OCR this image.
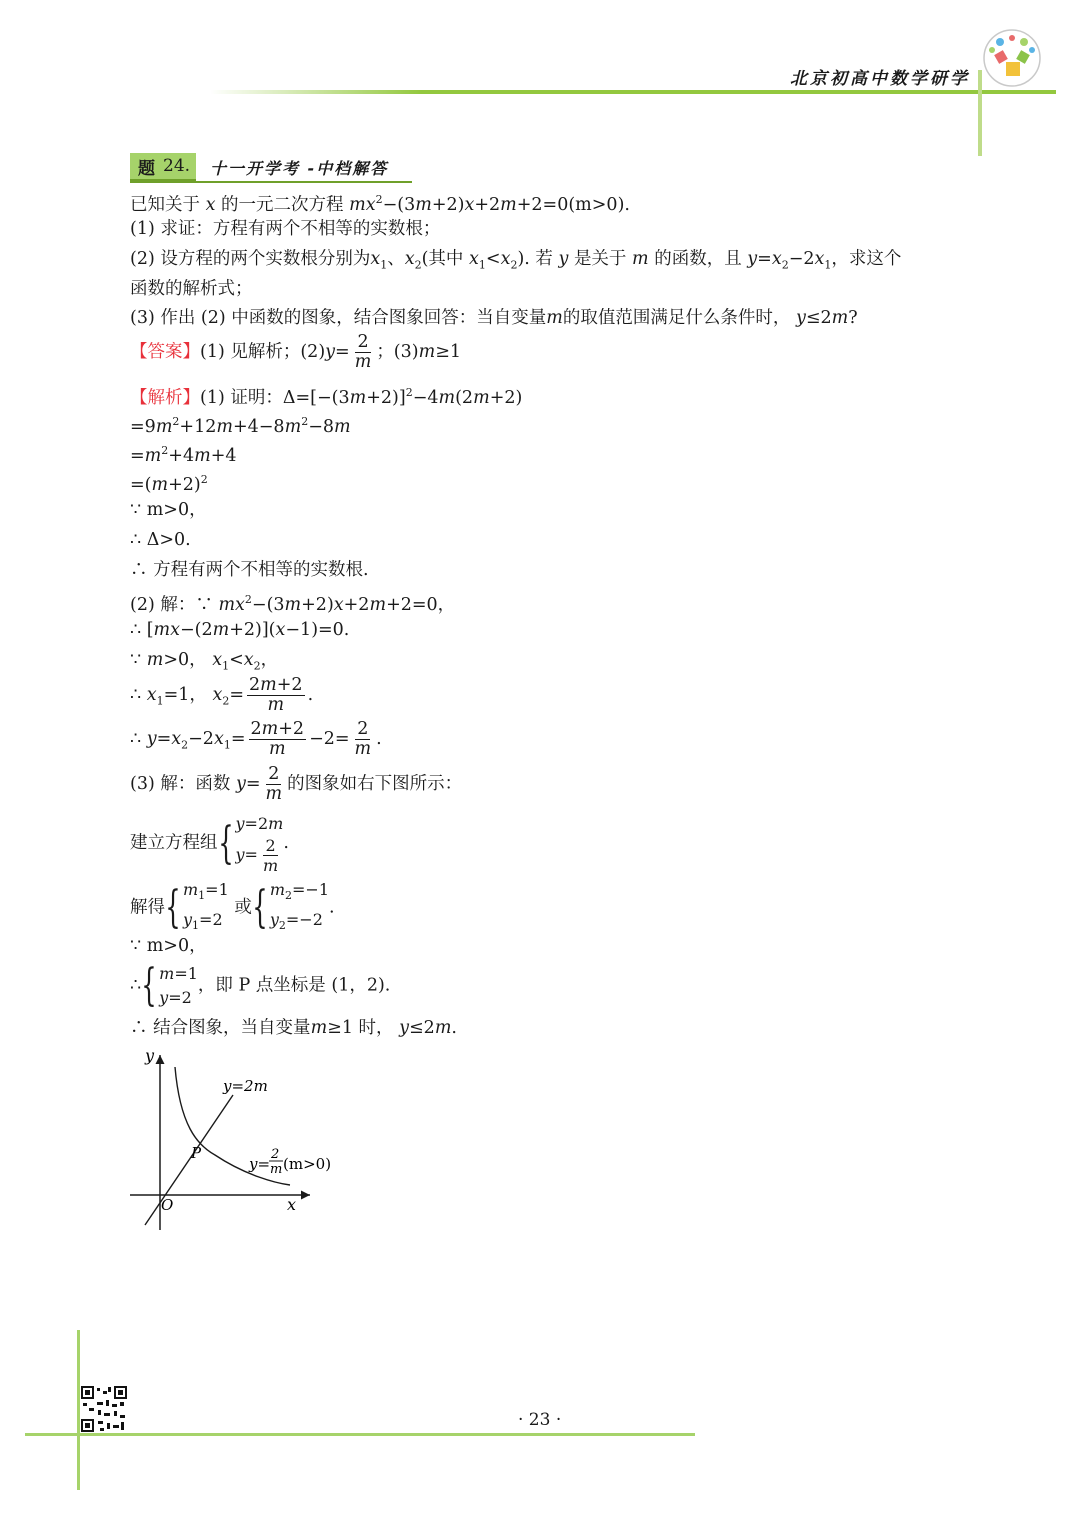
北京初高中数学研学
题 24. 十一开学考 -中档解答
已知关于 x 的一元二次方程 $mx^2-(3m+2)x+2m+2=0(m>0)$.
(1) 求证：方程有两个不相等的实数根；
(2) 设方程的两个实数根分别为$x_1$、$x_2$(其中 $x_1<x_2$). 若 y 是关于 m 的函数，且 $y=x_2-2x_1$，求这个
函数的解析式；
(3) 作出 (2) 中函数的图象，结合图象回答：当自变量m的取值范围满足什么条件时， y≤2m?
【答案】(1) 见解析；$(2)y= \frac{2}{m}$ ；(3)m≥1
【解析】(1) 证明：$\Delta=[-(3m+2)]^2-4m(2m+2)$
$=9m^2+12m+4-8m^2-8m$
$=m^2+4m+4$
$=(m+2)^2$
∵ m>0，
∴ Δ>0.
∴ 方程有两个不相等的实数根.
(2) 解：∵ $mx^2-(3m+2)x+2m+2=0$，
∴ [mx−(2m+2)](x−1)=0.
∵ m>0， $x_1<x_2$，
∴ $x_1=1$， $x_2= \frac{2m+2}{m}$ .
∴ $y=x_2-2x_1= \frac{2m+2}{m} -2= \frac{2}{m}$ .
(3) 解：函数 $y= \frac{2}{m}$ 的图象如右下图所示：
建立方程组{ y=2m
$y= \frac{2}{m}$ .
解得{ $m_1=1$
$y_1=2$
或{ $m_2=-1$
$y_2=-2$
.
∵ m>0，
∴{ m=1
y=2
，即 P 点坐标是 (1，2).
∴ 结合图象，当自变量m≥1 时， y≤2m.
y
x
O
P
y=2m
y=
2
m (m>0)
· 23 ·
